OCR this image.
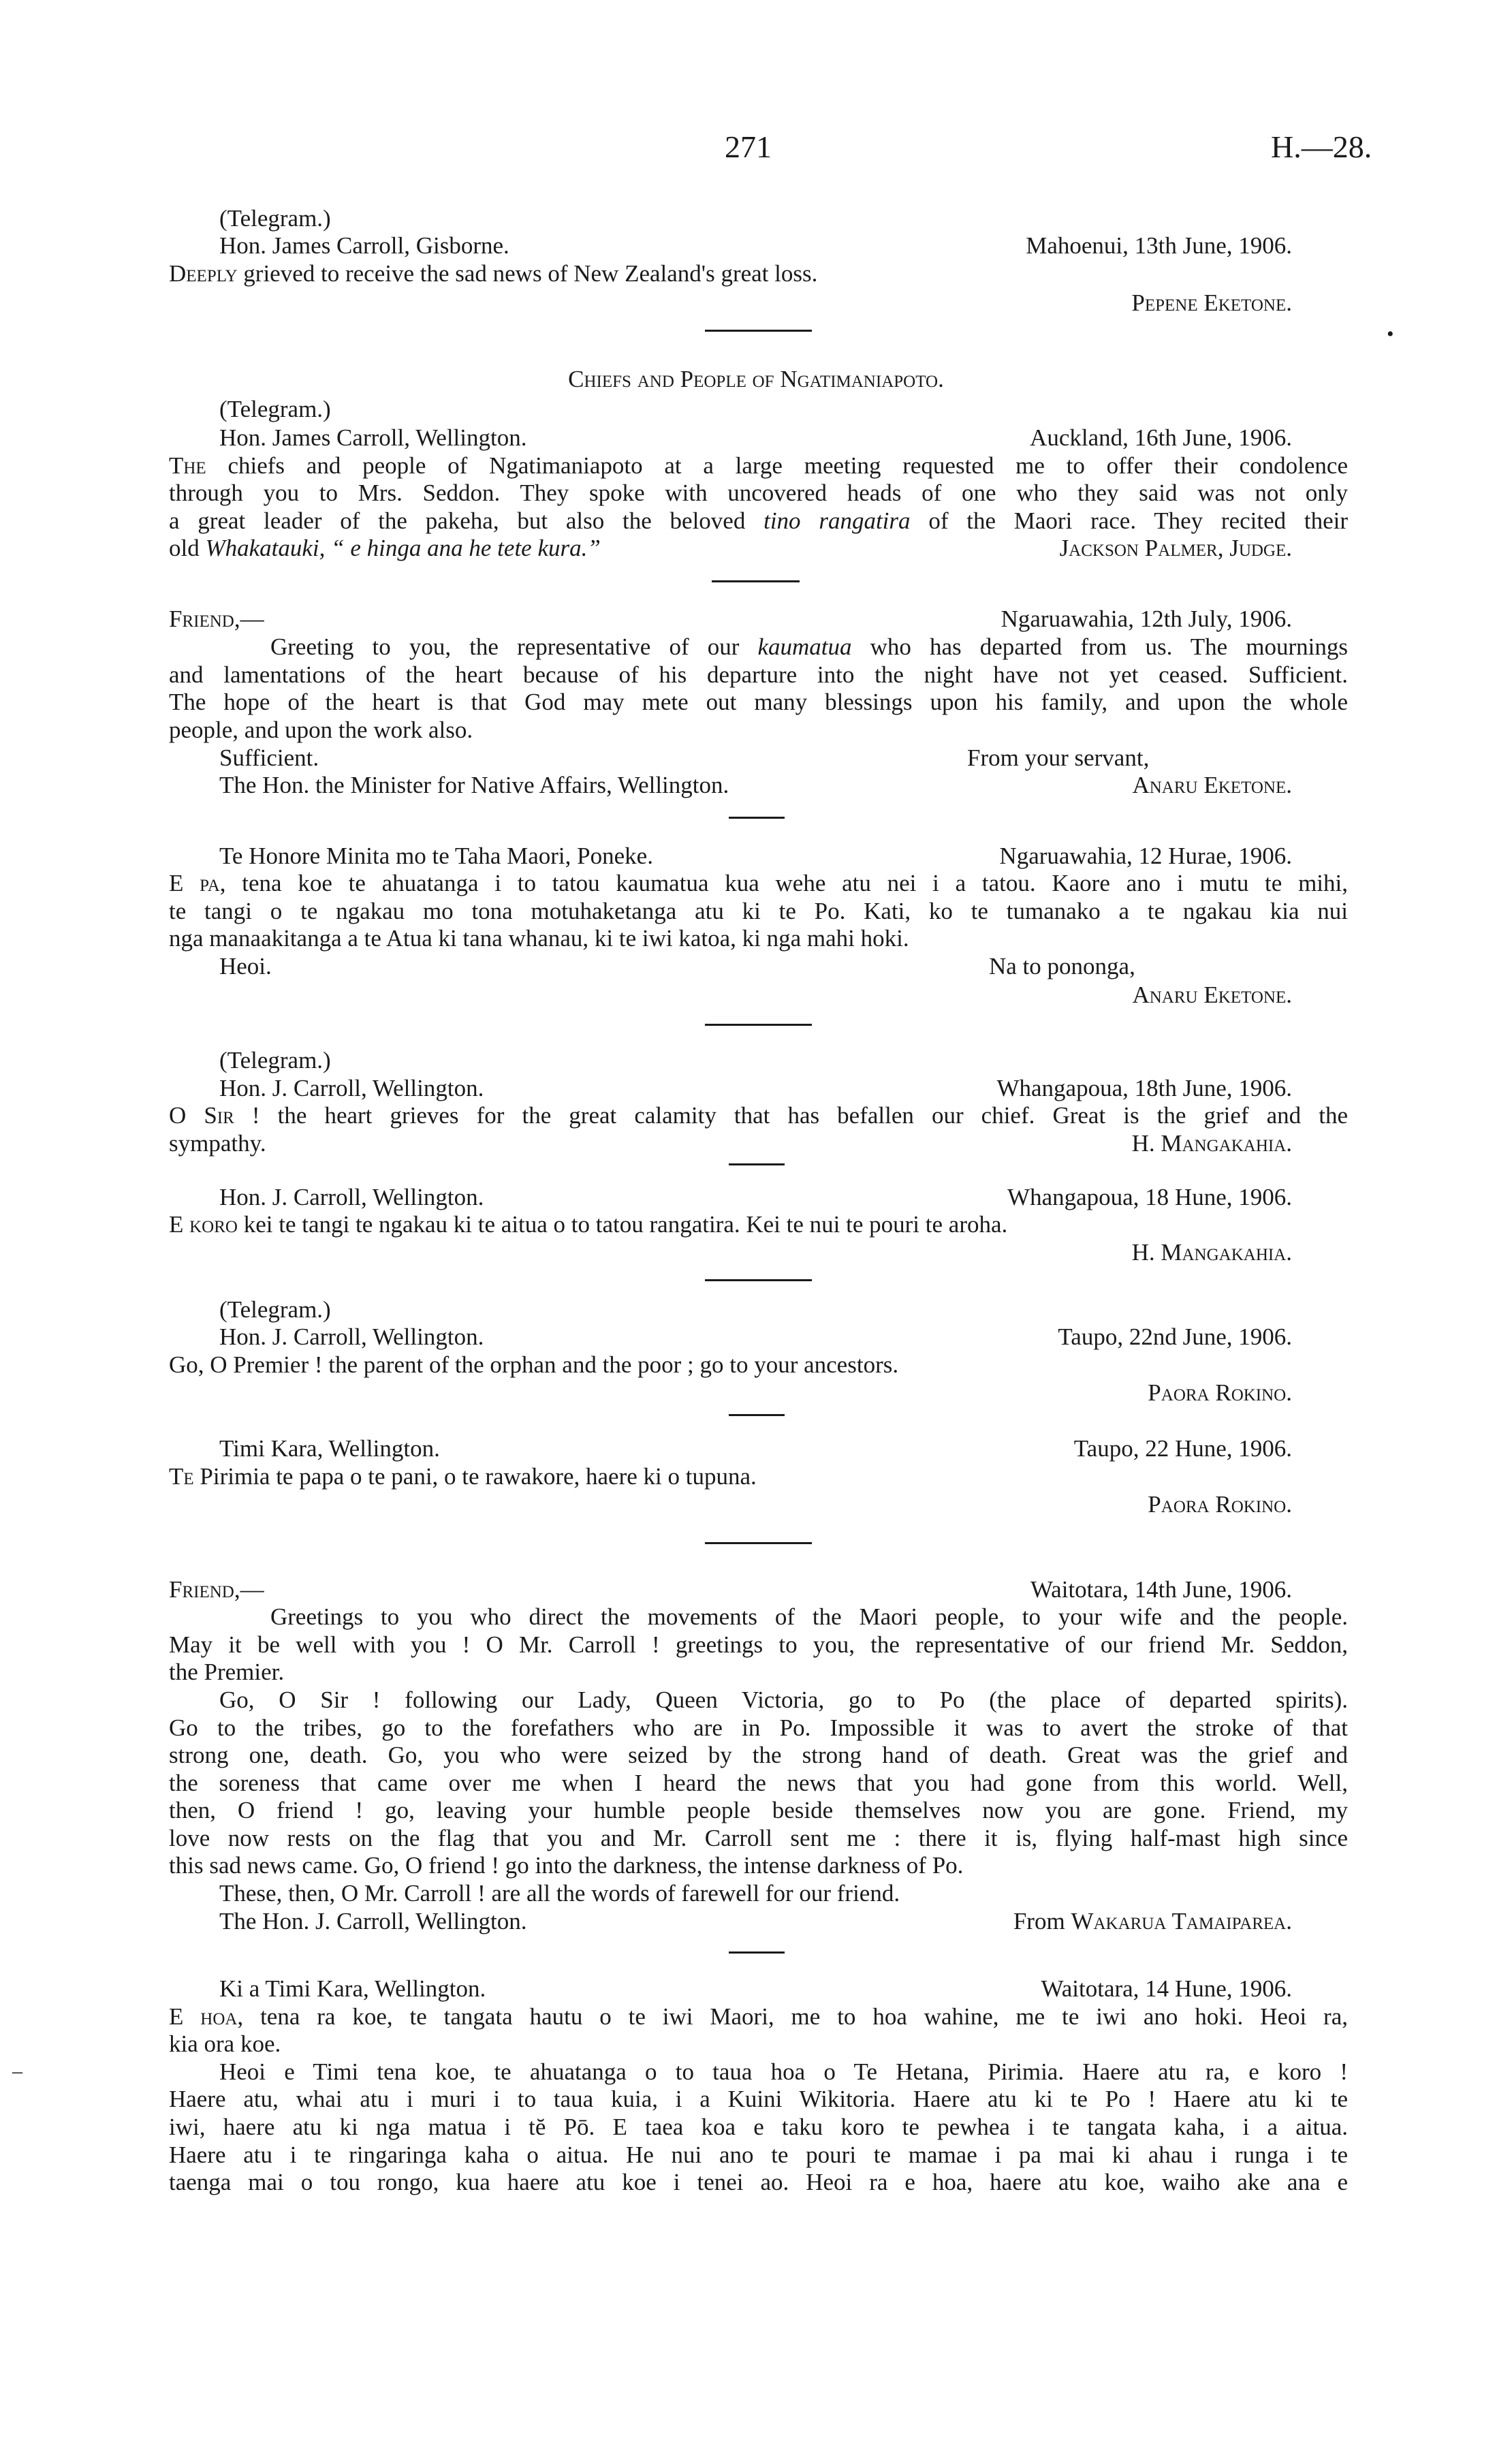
271	H.—28.
(Telegram.)
Hon. James Carroll, Gisborne.	Mahoenui, 13th June, 1906.
Deeply grieved to receive the sad news of New Zealand's great loss.
Pepene Eketone.
Chiefs and People of Ngatimaniapoto.
(Telegram.)
Hon. James Carroll, Wellington.	Auckland, 16th June, 1906.
The chiefs and people of Ngatimaniapoto at a large meeting requested me to offer their condolence
through you to Mrs. Seddon. They spoke with uncovered heads of one who they said was not only
a great leader of the pakeha, but also the beloved tino rangatira of the Maori race. They recited their
old Whakatauki, “ e hinga ana he tete kura.”	Jackson Palmer, Judge.
Friend,—	Ngaruawahia, 12th July, 1906.
Greeting to you, the representative of our kaumatua who has departed from us. The mournings
and lamentations of the heart because of his departure into the night have not yet ceased. Sufficient.
The hope of the heart is that God may mete out many blessings upon his family, and upon the whole
people, and upon the work also.
Sufficient.	From your servant,
The Hon. the Minister for Native Affairs, Wellington.	Anaru Eketone.
Te Honore Minita mo te Taha Maori, Poneke.	Ngaruawahia, 12 Hurae, 1906.
E pa, tena koe te ahuatanga i to tatou kaumatua kua wehe atu nei i a tatou. Kaore ano i mutu te mihi,
te tangi o te ngakau mo tona motuhaketanga atu ki te Po. Kati, ko te tumanako a te ngakau kia nui
nga manaakitanga a te Atua ki tana whanau, ki te iwi katoa, ki nga mahi hoki.
Heoi.	Na to pononga,
Anaru Eketone.
(Telegram.)
Hon. J. Carroll, Wellington.	Whangapoua, 18th June, 1906.
O Sir ! the heart grieves for the great calamity that has befallen our chief. Great is the grief and the
sympathy.	H. Mangakahia.
Hon. J. Carroll, Wellington.	Whangapoua, 18 Hune, 1906.
E koro kei te tangi te ngakau ki te aitua o to tatou rangatira. Kei te nui te pouri te aroha.
H. Mangakahia.
(Telegram.)
Hon. J. Carroll, Wellington.	Taupo, 22nd June, 1906.
Go, O Premier ! the parent of the orphan and the poor ; go to your ancestors.
Paora Rokino.
Timi Kara, Wellington.	Taupo, 22 Hune, 1906.
Te Pirimia te papa o te pani, o te rawakore, haere ki o tupuna.
Paora Rokino.
Friend,—	Waitotara, 14th June, 1906.
Greetings to you who direct the movements of the Maori people, to your wife and the people.
May it be well with you ! O Mr. Carroll ! greetings to you, the representative of our friend Mr. Seddon,
the Premier.
Go, O Sir ! following our Lady, Queen Victoria, go to Po (the place of departed spirits).
Go to the tribes, go to the forefathers who are in Po. Impossible it was to avert the stroke of that
strong one, death. Go, you who were seized by the strong hand of death. Great was the grief and
the soreness that came over me when I heard the news that you had gone from this world. Well,
then, O friend ! go, leaving your humble people beside themselves now you are gone. Friend, my
love now rests on the flag that you and Mr. Carroll sent me : there it is, flying half-mast high since
this sad news came. Go, O friend ! go into the darkness, the intense darkness of Po.
These, then, O Mr. Carroll ! are all the words of farewell for our friend.
The Hon. J. Carroll, Wellington.	From Wakarua Tamaiparea.
Ki a Timi Kara, Wellington.	Waitotara, 14 Hune, 1906.
E hoa, tena ra koe, te tangata hautu o te iwi Maori, me to hoa wahine, me te iwi ano hoki. Heoi ra,
kia ora koe.
Heoi e Timi tena koe, te ahuatanga o to taua hoa o Te Hetana, Pirimia. Haere atu ra, e koro !
Haere atu, whai atu i muri i to taua kuia, i a Kuini Wikitoria. Haere atu ki te Po ! Haere atu ki te
iwi, haere atu ki nga matua i tĕ Pō. E taea koa e taku koro te pewhea i te tangata kaha, i a aitua.
Haere atu i te ringaringa kaha o aitua. He nui ano te pouri te mamae i pa mai ki ahau i runga i te
taenga mai o tou rongo, kua haere atu koe i tenei ao. Heoi ra e hoa, haere atu koe, waiho ake ana e
•
–
